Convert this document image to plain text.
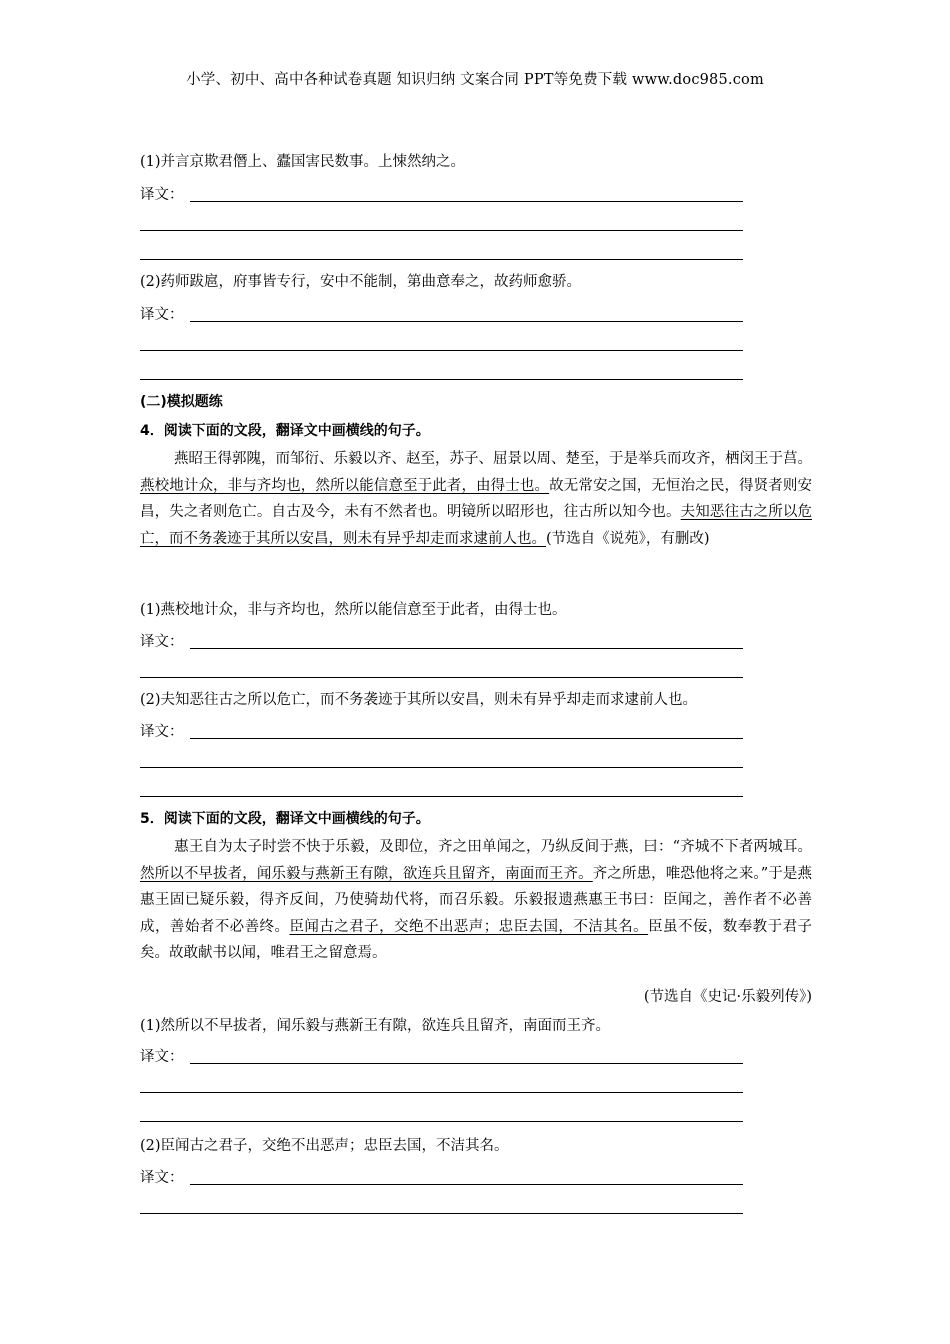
小学、初中、高中各种试卷真题 知识归纳 文案合同 PPT等免费下载 www.doc985.com
(1)并言京欺君僭上、蠹国害民数事。上悚然纳之。
译文：
(2)药师跋扈，府事皆专行，安中不能制，第曲意奉之，故药师愈骄。
译文：
(二)模拟题练
4．阅读下面的文段，翻译文中画横线的句子。
燕昭王得郭隗，而邹衍、乐毅以齐、赵至，苏子、屈景以周、楚至，于是举兵而攻齐，栖闵王于莒。燕校地计众，非与齐均也，然所以能信意至于此者，由得士也。故无常安之国，无恒治之民，得贤者则安昌，失之者则危亡。自古及今，未有不然者也。明镜所以昭形也，往古所以知今也。夫知恶往古之所以危亡，而不务袭迹于其所以安昌，则未有异乎却走而求逮前人也。(节选自《说苑》，有删改)
(1)燕校地计众，非与齐均也，然所以能信意至于此者，由得士也。
译文：
(2)夫知恶往古之所以危亡，而不务袭迹于其所以安昌，则未有异乎却走而求逮前人也。
译文：
5．阅读下面的文段，翻译文中画横线的句子。
惠王自为太子时尝不快于乐毅，及即位，齐之田单闻之，乃纵反间于燕，曰：“齐城不下者两城耳。然所以不早拔者，闻乐毅与燕新王有隙，欲连兵且留齐，南面而王齐。齐之所患，唯恐他将之来。”于是燕惠王固已疑乐毅，得齐反间，乃使骑劫代将，而召乐毅。乐毅报遗燕惠王书曰：臣闻之，善作者不必善成，善始者不必善终。臣闻古之君子，交绝不出恶声；忠臣去国，不洁其名。臣虽不佞，数奉教于君子矣。故敢献书以闻，唯君王之留意焉。
(节选自《史记·乐毅列传》)
(1)然所以不早拔者，闻乐毅与燕新王有隙，欲连兵且留齐，南面而王齐。
译文：
(2)臣闻古之君子，交绝不出恶声；忠臣去国，不洁其名。
译文：
